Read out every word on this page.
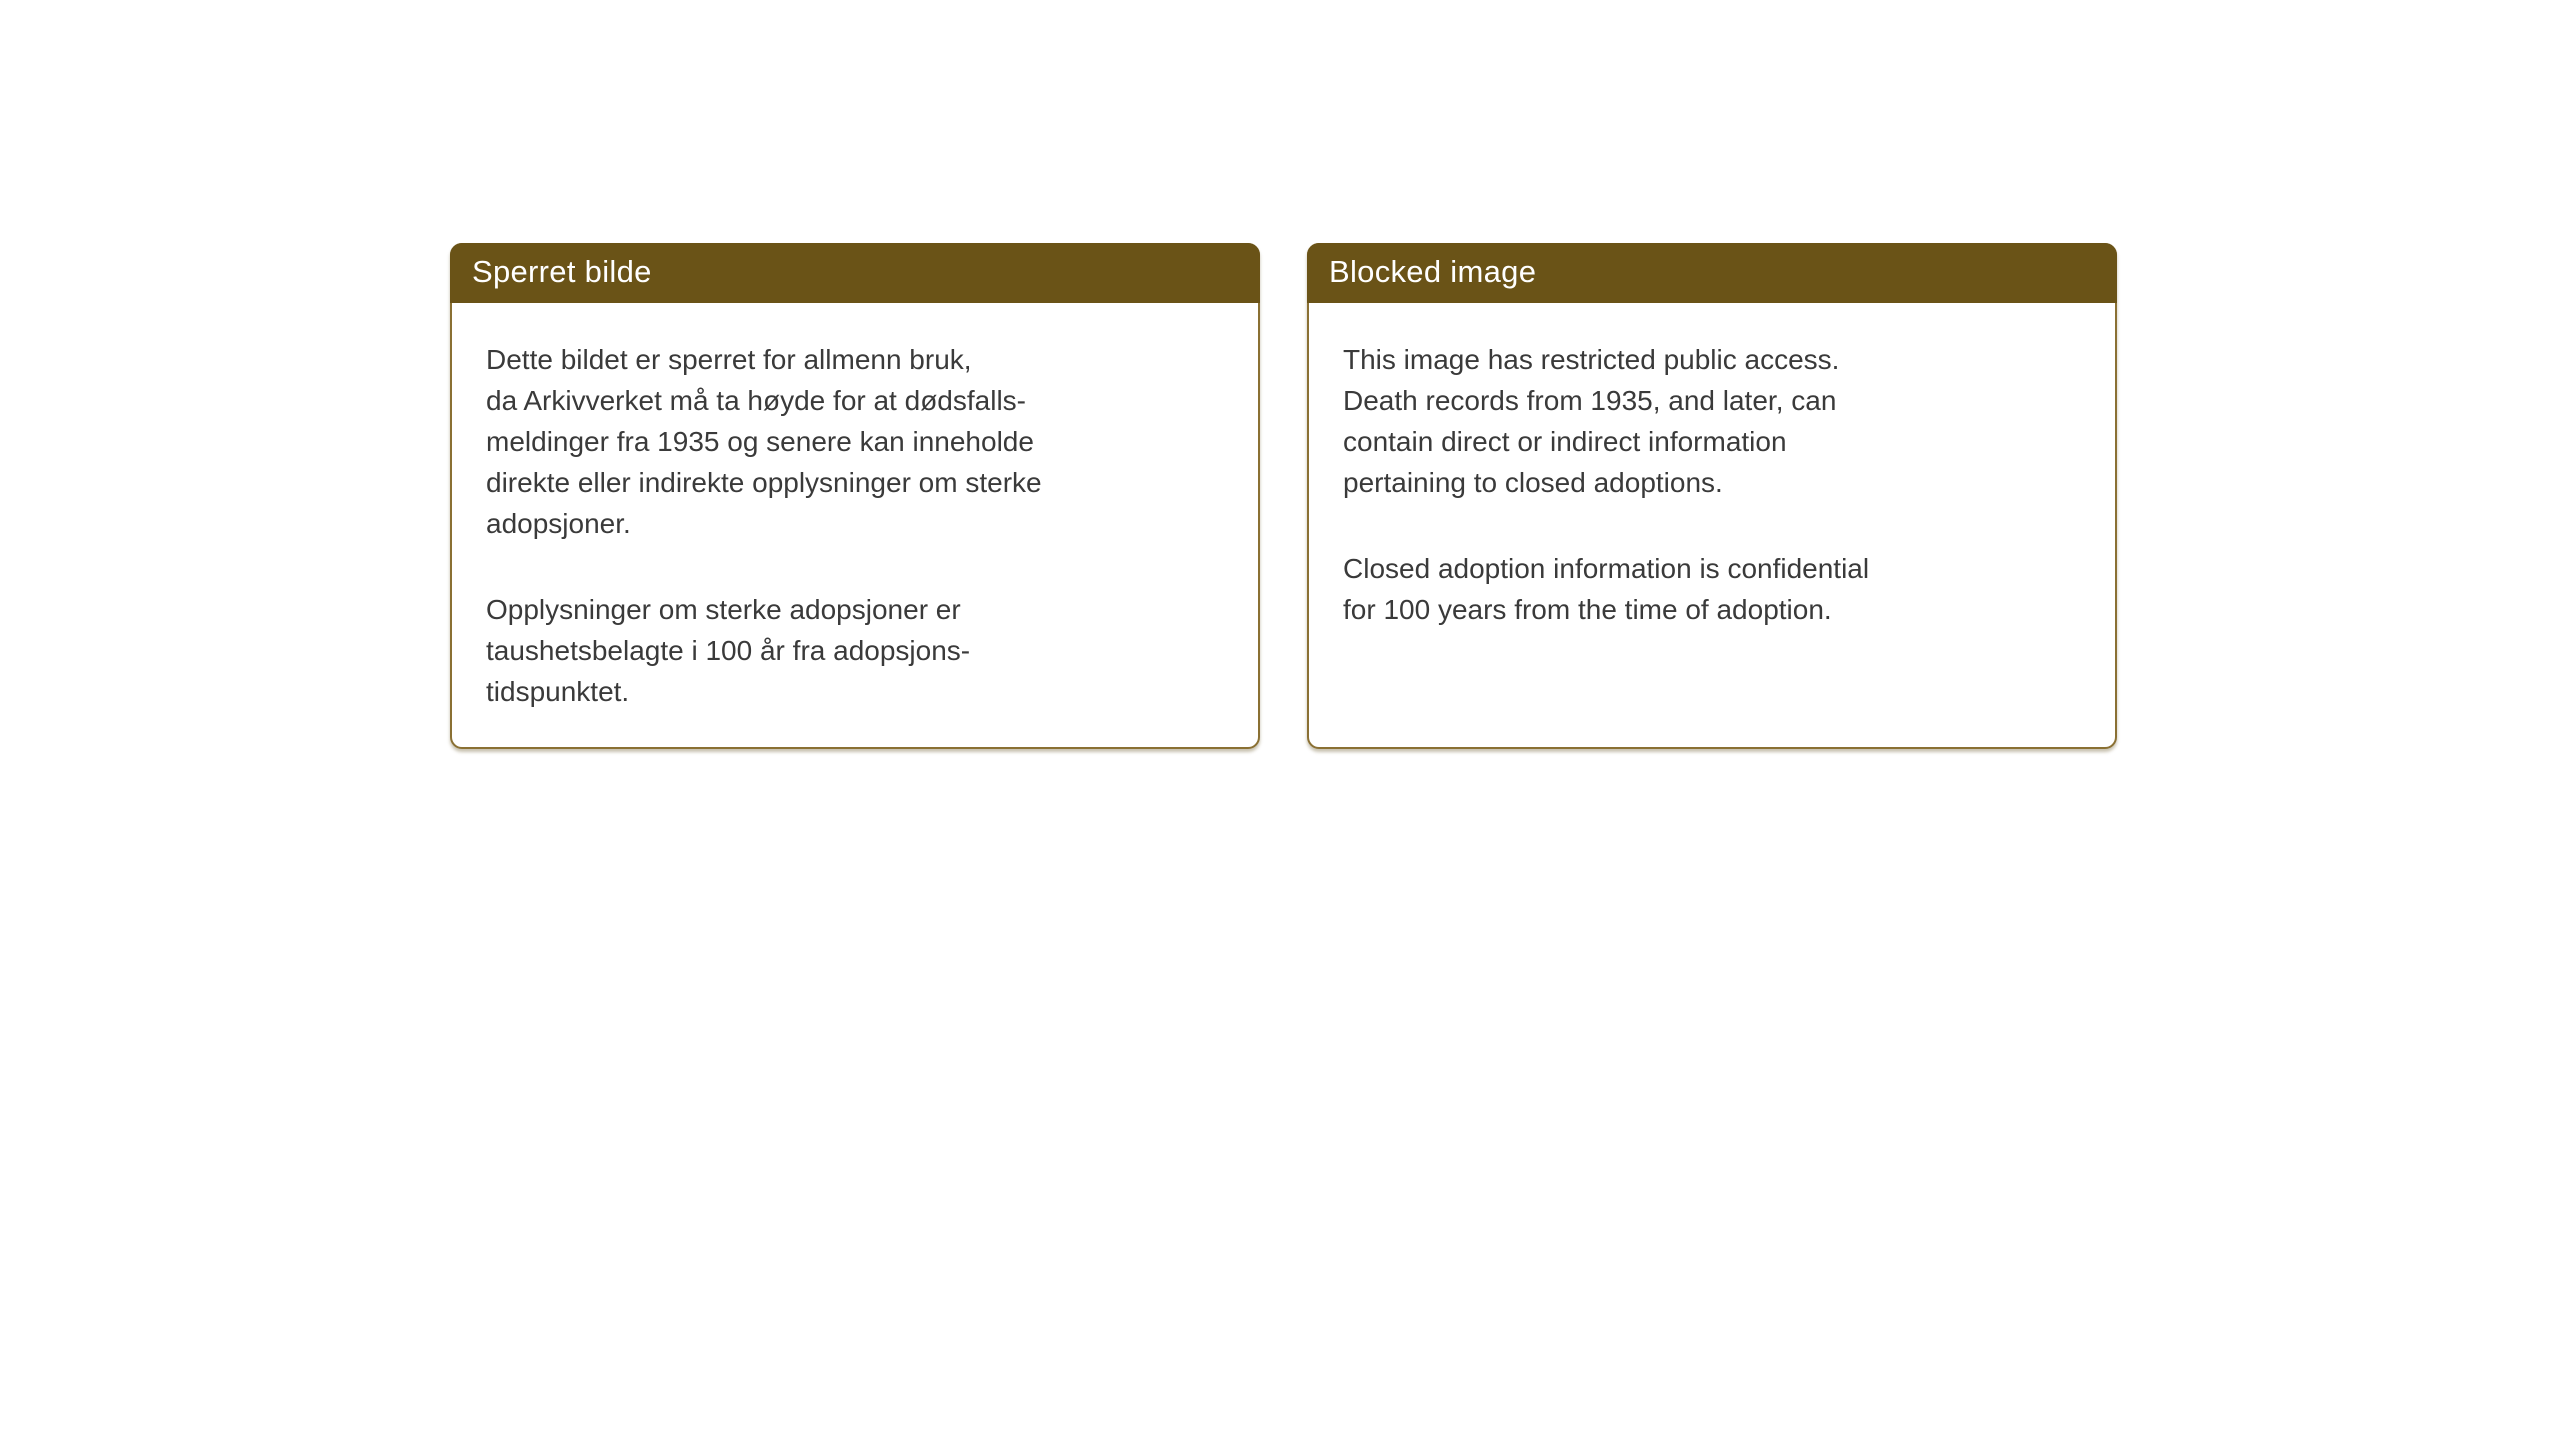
Sperret bilde
Dette bildet er sperret for allmenn bruk,
da Arkivverket må ta høyde for at dødsfalls-
meldinger fra 1935 og senere kan inneholde
direkte eller indirekte opplysninger om sterke
adopsjoner.
Opplysninger om sterke adopsjoner er
taushetsbelagte i 100 år fra adopsjons-
tidspunktet.
Blocked image
This image has restricted public access.
Death records from 1935, and later, can
contain direct or indirect information
pertaining to closed adoptions.
Closed adoption information is confidential
for 100 years from the time of adoption.
